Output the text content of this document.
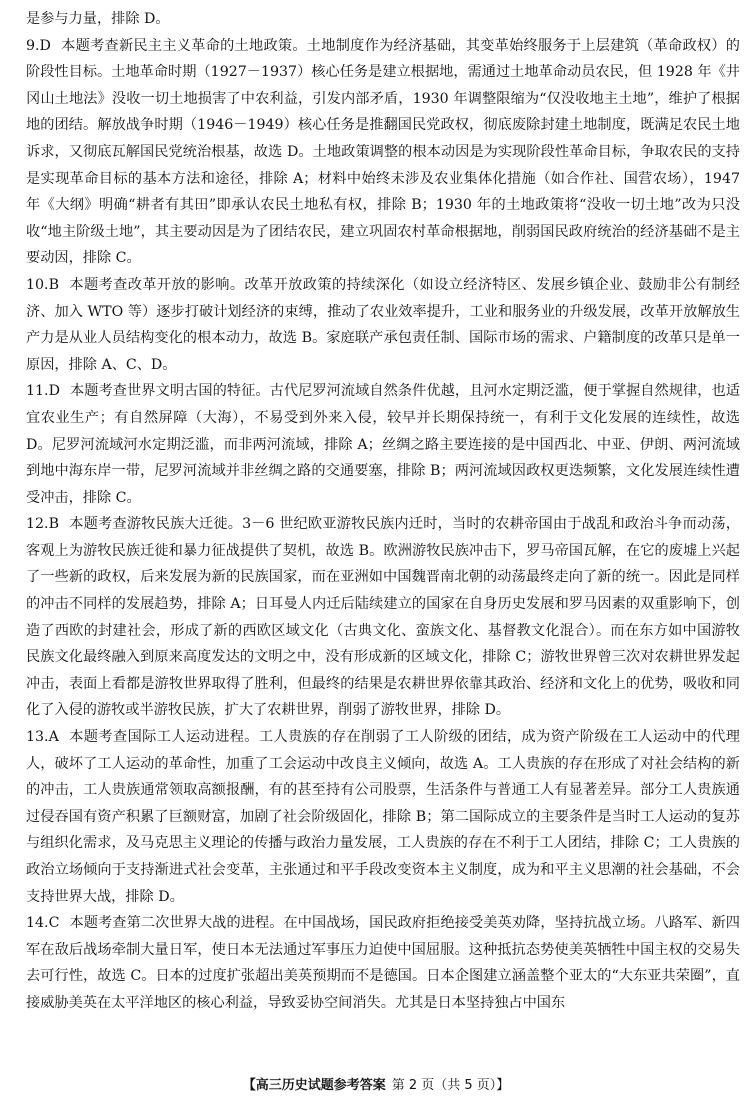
是参与力量，排除 D。

9.D 本题考查新民主主义革命的土地政策。土地制度作为经济基础，其变革始终服务于上层建筑（革命政权）的阶段性目标。土地革命时期（1927－1937）核心任务是建立根据地，需通过土地革命动员农民，但 1928 年《井冈山土地法》没收一切土地损害了中农利益，引发内部矛盾，1930 年调整限缩为“仅没收地主土地”，维护了根据地的团结。解放战争时期（1946－1949）核心任务是推翻国民党政权，彻底废除封建土地制度，既满足农民土地诉求，又彻底瓦解国民党统治根基，故选 D。土地政策调整的根本动因是为实现阶段性革命目标，争取农民的支持是实现革命目标的基本方法和途径，排除 A；材料中始终未涉及农业集体化措施（如合作社、国营农场），1947 年《大纲》明确“耕者有其田”即承认农民土地私有权，排除 B；1930 年的土地政策将“没收一切土地”改为只没收“地主阶级土地”，其主要动因是为了团结农民，建立巩固农村革命根据地，削弱国民政府统治的经济基础不是主要动因，排除 C。

10.B 本题考查改革开放的影响。改革开放政策的持续深化（如设立经济特区、发展乡镇企业、鼓励非公有制经济、加入 WTO 等）逐步打破计划经济的束缚，推动了农业效率提升，工业和服务业的升级发展，改革开放解放生产力是从业人员结构变化的根本动力，故选 B。家庭联产承包责任制、国际市场的需求、户籍制度的改革只是单一原因，排除 A、C、D。

11.D 本题考查世界文明古国的特征。古代尼罗河流域自然条件优越，且河水定期泛滥，便于掌握自然规律，也适宜农业生产；有自然屏障（大海），不易受到外来入侵，较早并长期保持统一，有利于文化发展的连续性，故选 D。尼罗河流域河水定期泛滥，而非两河流域，排除 A；丝绸之路主要连接的是中国西北、中亚、伊朗、两河流域到地中海东岸一带，尼罗河流域并非丝绸之路的交通要塞，排除 B；两河流域因政权更迭频繁，文化发展连续性遭受冲击，排除 C。

12.B 本题考查游牧民族大迁徙。3－6 世纪欧亚游牧民族内迁时，当时的农耕帝国由于战乱和政治斗争而动荡，客观上为游牧民族迁徙和暴力征战提供了契机，故选 B。欧洲游牧民族冲击下，罗马帝国瓦解，在它的废墟上兴起了一些新的政权，后来发展为新的民族国家，而在亚洲如中国魏晋南北朝的动荡最终走向了新的统一。因此是同样的冲击不同样的发展趋势，排除 A；日耳曼人内迁后陆续建立的国家在自身历史发展和罗马因素的双重影响下，创造了西欧的封建社会，形成了新的西欧区域文化（古典文化、蛮族文化、基督教文化混合）。而在东方如中国游牧民族文化最终融入到原来高度发达的文明之中，没有形成新的区域文化，排除 C；游牧世界曾三次对农耕世界发起冲击，表面上看都是游牧世界取得了胜利，但最终的结果是农耕世界依靠其政治、经济和文化上的优势，吸收和同化了入侵的游牧或半游牧民族，扩大了农耕世界，削弱了游牧世界，排除 D。

13.A 本题考查国际工人运动进程。工人贵族的存在削弱了工人阶级的团结，成为资产阶级在工人运动中的代理人，破坏了工人运动的革命性，加重了工会运动中改良主义倾向，故选 A。工人贵族的存在形成了对社会结构的新的冲击，工人贵族通常领取高额报酬，有的甚至持有公司股票，生活条件与普通工人有显著差异。部分工人贵族通过侵吞国有资产积累了巨额财富，加剧了社会阶级固化，排除 B；第二国际成立的主要条件是当时工人运动的复苏与组织化需求，及马克思主义理论的传播与政治力量发展，工人贵族的存在不利于工人团结，排除 C；工人贵族的政治立场倾向于支持渐进式社会变革，主张通过和平手段改变资本主义制度，成为和平主义思潮的社会基础，不会支持世界大战，排除 D。

14.C 本题考查第二次世界大战的进程。在中国战场，国民政府拒绝接受美英劝降，坚持抗战立场。八路军、新四军在敌后战场牵制大量日军，使日本无法通过军事压力迫使中国屈服。这种抵抗态势使美英牺牲中国主权的交易失去可行性，故选 C。日本的过度扩张超出美英预期而不是德国。日本企图建立涵盖整个亚太的“大东亚共荣圈”，直接威胁美英在太平洋地区的核心利益，导致妥协空间消失。尤其是日本坚持独占中国东

【高三历史试题参考答案 第 2 页（共 5 页）】
